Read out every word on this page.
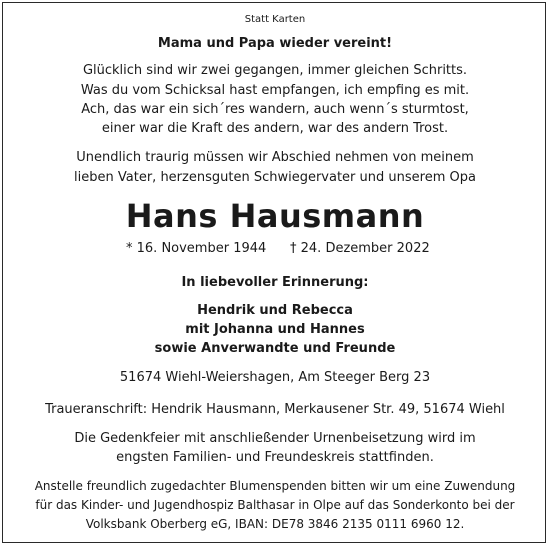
Statt Karten
Mama und Papa wieder vereint!
Glücklich sind wir zwei gegangen, immer gleichen Schritts.
Was du vom Schicksal hast empfangen, ich empfing es mit.
Ach, das war ein sich´res wandern, auch wenn´s sturmtost,
einer war die Kraft des andern, war des andern Trost.
Unendlich traurig müssen wir Abschied nehmen von meinem
lieben Vater, herzensguten Schwiegervater und unserem Opa
Hans Hausmann
* 16. November 1944 † 24. Dezember 2022
In liebevoller Erinnerung:
Hendrik und Rebecca
mit Johanna und Hannes
sowie Anverwandte und Freunde
51674 Wiehl-Weiershagen, Am Steeger Berg 23
Traueranschrift: Hendrik Hausmann, Merkausener Str. 49, 51674 Wiehl
Die Gedenkfeier mit anschließender Urnenbeisetzung wird im
engsten Familien- und Freundeskreis stattfinden.
Anstelle freundlich zugedachter Blumenspenden bitten wir um eine Zuwendung
für das Kinder- und Jugendhospiz Balthasar in Olpe auf das Sonderkonto bei der
Volksbank Oberberg eG, IBAN: DE78 3846 2135 0111 6960 12.
